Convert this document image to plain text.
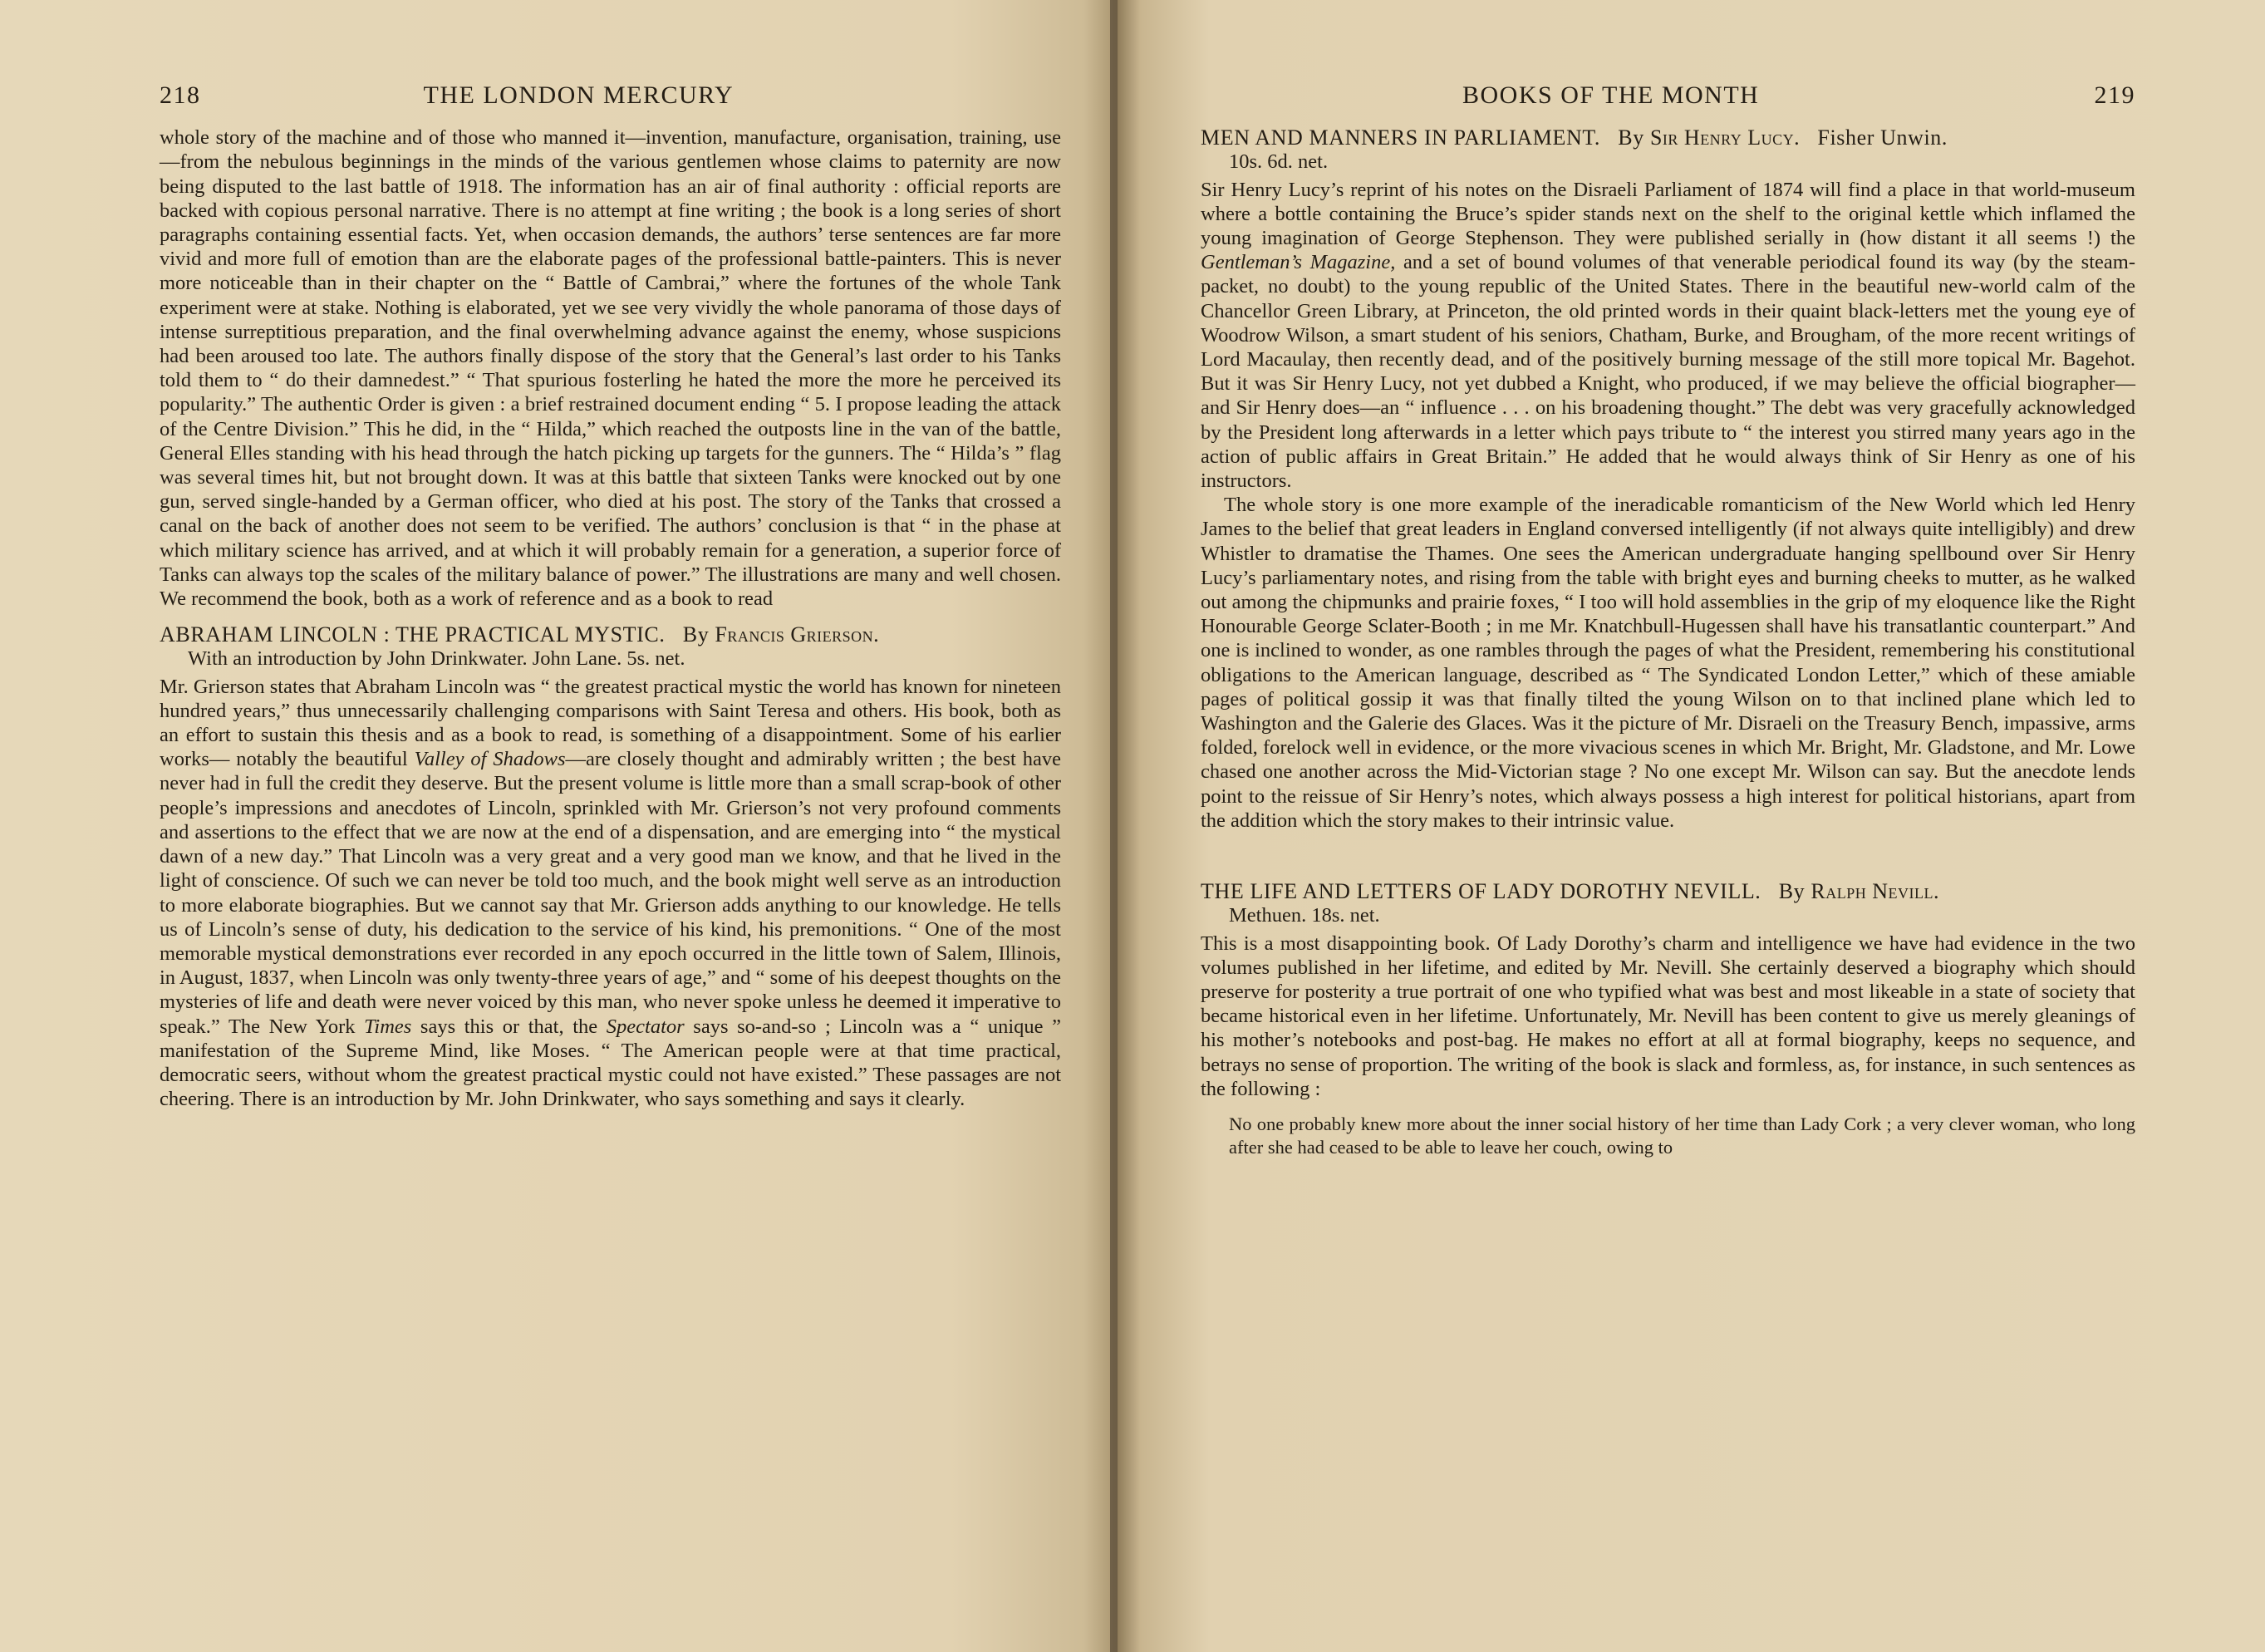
218	THE LONDON MERCURY

whole story of the machine and of those who manned it—invention, manufacture, organisation, training, use—from the nebulous beginnings in the minds of the various gentlemen whose claims to paternity are now being disputed to the last battle of 1918. The information has an air of final authority : official reports are backed with copious personal narrative. There is no attempt at fine writing ; the book is a long series of short paragraphs containing essential facts. Yet, when occasion demands, the authors’ terse sentences are far more vivid and more full of emotion than are the elaborate pages of the professional battle-painters. This is never more noticeable than in their chapter on the “ Battle of Cambrai,” where the fortunes of the whole Tank experiment were at stake. Nothing is elaborated, yet we see very vividly the whole panorama of those days of intense surreptitious preparation, and the final overwhelming advance against the enemy, whose suspicions had been aroused too late. The authors finally dispose of the story that the General’s last order to his Tanks told them to “ do their damnedest.” “ That spurious fosterling he hated the more the more he perceived its popularity.” The authentic Order is given : a brief restrained document ending “ 5. I propose leading the attack of the Centre Division.” This he did, in the “ Hilda,” which reached the outposts line in the van of the battle, General Elles standing with his head through the hatch picking up targets for the gunners. The “ Hilda’s ” flag was several times hit, but not brought down. It was at this battle that sixteen Tanks were knocked out by one gun, served single-handed by a German officer, who died at his post. The story of the Tanks that crossed a canal on the back of another does not seem to be verified. The authors’ conclusion is that “ in the phase at which military science has arrived, and at which it will probably remain for a generation, a superior force of Tanks can always top the scales of the military balance of power.” The illustrations are many and well chosen. We recommend the book, both as a work of reference and as a book to read

ABRAHAM LINCOLN : THE PRACTICAL MYSTIC. By Francis Grierson.

With an introduction by John Drinkwater. John Lane. 5s. net.

Mr. Grierson states that Abraham Lincoln was “ the greatest practical mystic the world has known for nineteen hundred years,” thus unnecessarily challenging comparisons with Saint Teresa and others. His book, both as an effort to sustain this thesis and as a book to read, is something of a disappointment. Some of his earlier works— notably the beautiful Valley of Shadows—are closely thought and admirably written ; the best have never had in full the credit they deserve. But the present volume is little more than a small scrap-book of other people’s impressions and anecdotes of Lincoln, sprinkled with Mr. Grierson’s not very profound comments and assertions to the effect that we are now at the end of a dispensation, and are emerging into “ the mystical dawn of a new day.” That Lincoln was a very great and a very good man we know, and that he lived in the light of conscience. Of such we can never be told too much, and the book might well serve as an introduction to more elaborate biographies. But we cannot say that Mr. Grierson adds anything to our knowledge. He tells us of Lincoln’s sense of duty, his dedication to the service of his kind, his premonitions. “ One of the most memorable mystical demonstrations ever recorded in any epoch occurred in the little town of Salem, Illinois, in August, 1837, when Lincoln was only twenty-three years of age,” and “ some of his deepest thoughts on the mysteries of life and death were never voiced by this man, who never spoke unless he deemed it imperative to speak.” The New York Times says this or that, the Spectator says so-and-so ; Lincoln was a “ unique ” manifestation of the Supreme Mind, like Moses. “ The American people were at that time practical, democratic seers, without whom the greatest practical mystic could not have existed.” These passages are not cheering. There is an introduction by Mr. John Drinkwater, who says something and says it clearly.

BOOKS OF THE MONTH	219

MEN AND MANNERS IN PARLIAMENT. By Sir Henry Lucy. Fisher Unwin.

10s. 6d. net.

Sir Henry Lucy’s reprint of his notes on the Disraeli Parliament of 1874 will find a place in that world-museum where a bottle containing the Bruce’s spider stands next on the shelf to the original kettle which inflamed the young imagination of George Stephenson. They were published serially in (how distant it all seems !) the Gentleman’s Magazine, and a set of bound volumes of that venerable periodical found its way (by the steam-packet, no doubt) to the young republic of the United States. There in the beautiful new-world calm of the Chancellor Green Library, at Princeton, the old printed words in their quaint black-letters met the young eye of Woodrow Wilson, a smart student of his seniors, Chatham, Burke, and Brougham, of the more recent writings of Lord Macaulay, then recently dead, and of the positively burning message of the still more topical Mr. Bagehot. But it was Sir Henry Lucy, not yet dubbed a Knight, who produced, if we may believe the official biographer—and Sir Henry does—an “ influence . . . on his broadening thought.” The debt was very gracefully acknowledged by the President long afterwards in a letter which pays tribute to “ the interest you stirred many years ago in the action of public affairs in Great Britain.” He added that he would always think of Sir Henry as one of his instructors.

The whole story is one more example of the ineradicable romanticism of the New World which led Henry James to the belief that great leaders in England conversed intelligently (if not always quite intelligibly) and drew Whistler to dramatise the Thames. One sees the American undergraduate hanging spellbound over Sir Henry Lucy’s parliamentary notes, and rising from the table with bright eyes and burning cheeks to mutter, as he walked out among the chipmunks and prairie foxes, “ I too will hold assemblies in the grip of my eloquence like the Right Honourable George Sclater-Booth ; in me Mr. Knatchbull-Hugessen shall have his transatlantic counterpart.” And one is inclined to wonder, as one rambles through the pages of what the President, remembering his constitutional obligations to the American language, described as “ The Syndicated London Letter,” which of these amiable pages of political gossip it was that finally tilted the young Wilson on to that inclined plane which led to Washington and the Galerie des Glaces. Was it the picture of Mr. Disraeli on the Treasury Bench, impassive, arms folded, forelock well in evidence, or the more vivacious scenes in which Mr. Bright, Mr. Gladstone, and Mr. Lowe chased one another across the Mid-Victorian stage ? No one except Mr. Wilson can say. But the anecdote lends point to the reissue of Sir Henry’s notes, which always possess a high interest for political historians, apart from the addition which the story makes to their intrinsic value.

THE LIFE AND LETTERS OF LADY DOROTHY NEVILL. By Ralph Nevill.

Methuen. 18s. net.

This is a most disappointing book. Of Lady Dorothy’s charm and intelligence we have had evidence in the two volumes published in her lifetime, and edited by Mr. Nevill. She certainly deserved a biography which should preserve for posterity a true portrait of one who typified what was best and most likeable in a state of society that became historical even in her lifetime. Unfortunately, Mr. Nevill has been content to give us merely gleanings of his mother’s notebooks and post-bag. He makes no effort at all at formal biography, keeps no sequence, and betrays no sense of proportion. The writing of the book is slack and formless, as, for instance, in such sentences as the following :

No one probably knew more about the inner social history of her time than Lady Cork ; a very clever woman, who long after she had ceased to be able to leave her couch, owing to
